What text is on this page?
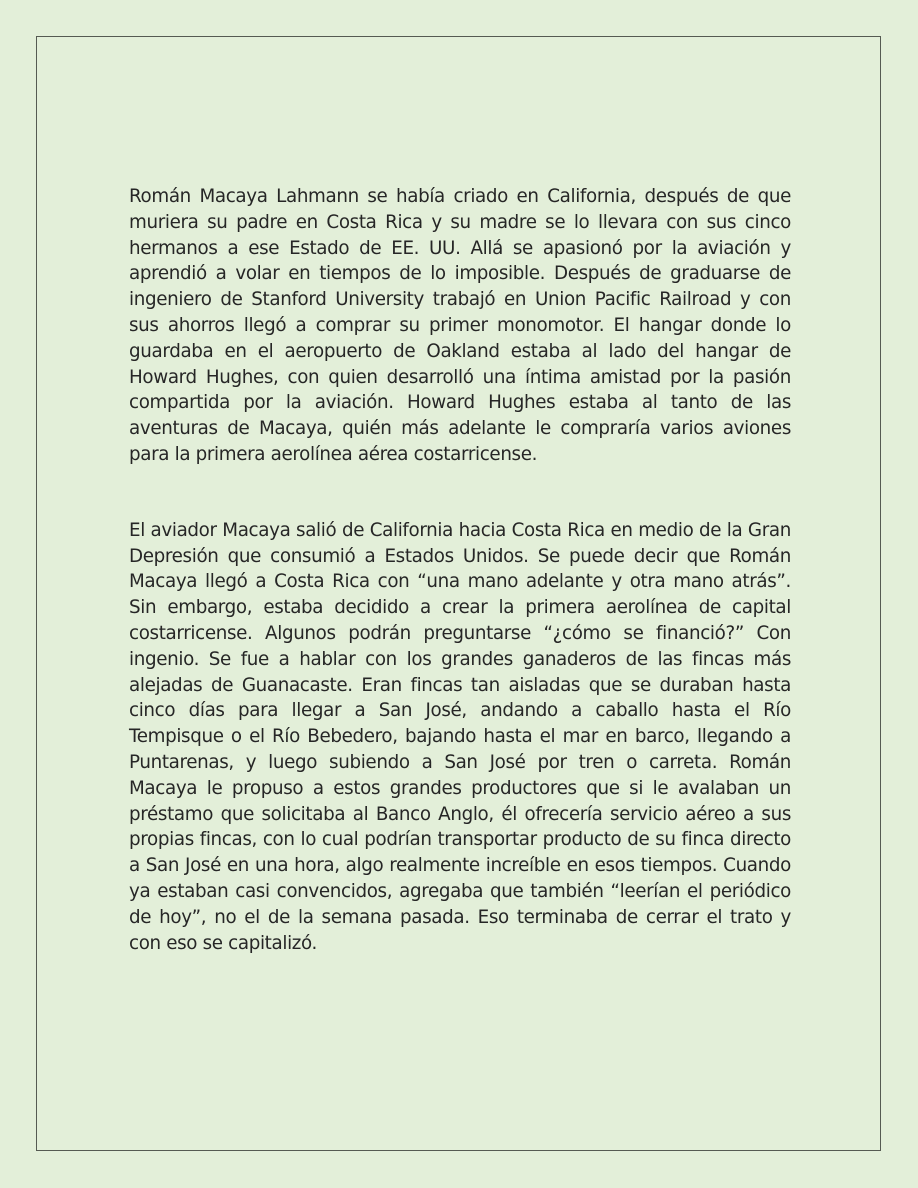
Román Macaya Lahmann se había criado en California, después de que muriera su padre en Costa Rica y su madre se lo llevara con sus cinco hermanos a ese Estado de EE. UU. Allá se apasionó por la aviación y aprendió a volar en tiempos de lo imposible. Después de graduarse de ingeniero de Stanford University trabajó en Union Pacific Railroad y con sus ahorros llegó a comprar su primer monomotor. El hangar donde lo guardaba en el aeropuerto de Oakland estaba al lado del hangar de Howard Hughes, con quien desarrolló una íntima amistad por la pasión compartida por la aviación. Howard Hughes estaba al tanto de las aventuras de Macaya, quién más adelante le compraría varios aviones para la primera aerolínea aérea costarricense.

El aviador Macaya salió de California hacia Costa Rica en medio de la Gran Depresión que consumió a Estados Unidos. Se puede decir que Román Macaya llegó a Costa Rica con “una mano adelante y otra mano atrás”. Sin embargo, estaba decidido a crear la primera aerolínea de capital costarricense. Algunos podrán preguntarse “¿cómo se financió?” Con ingenio. Se fue a hablar con los grandes ganaderos de las fincas más alejadas de Guanacaste. Eran fincas tan aisladas que se duraban hasta cinco días para llegar a San José, andando a caballo hasta el Río Tempisque o el Río Bebedero, bajando hasta el mar en barco, llegando a Puntarenas, y luego subiendo a San José por tren o carreta. Román Macaya le propuso a estos grandes productores que si le avalaban un préstamo que solicitaba al Banco Anglo, él ofrecería servicio aéreo a sus propias fincas, con lo cual podrían transportar producto de su finca directo a San José en una hora, algo realmente increíble en esos tiempos. Cuando ya estaban casi convencidos, agregaba que también “leerían el periódico de hoy”, no el de la semana pasada. Eso terminaba de cerrar el trato y con eso se capitalizó.
